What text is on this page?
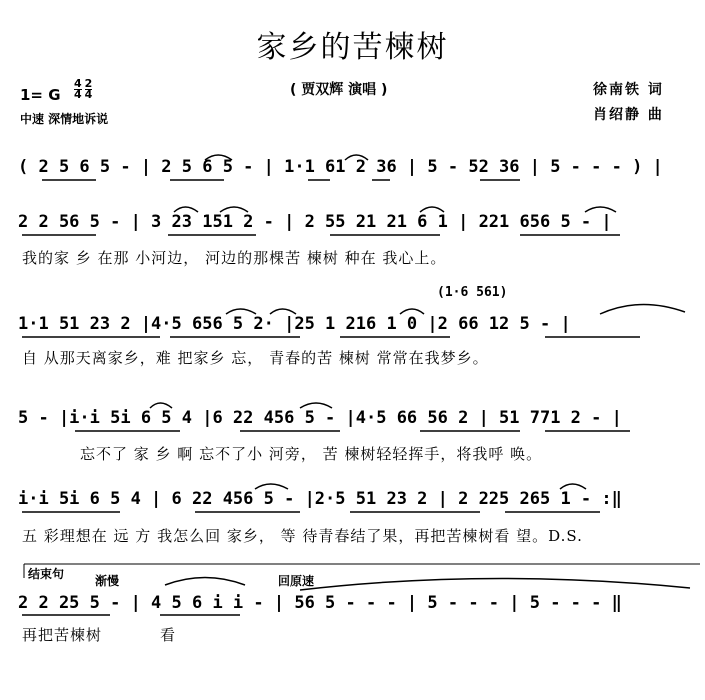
家乡的苦楝树
1= G
4

4
2

4
中速 深情地诉说
( 贾双辉 演唱 )	徐南铁 词
肖绍静 曲
( 2 5 6 5 - | 2 5 6 5 - | 1·1 61 2 36 | 5 - 52 36 | 5 - - - ) |
2 2 56 5 - | 3 23 151 2 - | 2 55 21 21 6 1 | 221 656 5 - |
我的家 乡 在那 小河边， 河边的那棵苦 楝树 种在 我心上。
(1·6 561)
1·1 51 23 2 |4·5 656 5 2· |25 1 216 1 0 |2 66 12 5 - |
自 从那天离家乡，难 把家乡 忘， 青春的苦 楝树 常常在我梦乡。
5 - |i·i 5i 6 5 4 |6 22 456 5 - |4·5 66 56 2 | 51 771 2 - |
忘不了 家 乡 啊 忘不了小 河旁， 苦 楝树轻轻挥手，将我呼 唤。
i·i 5i 6 5 4 | 6 22 456 5 - |2·5 51 23 2 | 2 225 265 1 - :‖
五 彩理想在 远 方 我怎么回 家乡， 等 待青春结了果，再把苦楝树看 望。D.S.
结束句	渐慢	回原速
2 2 25 5 - | 4 5 6 i i - | 56 5 - - - | 5 - - - | 5 - - - ‖
再把苦楝树	看
